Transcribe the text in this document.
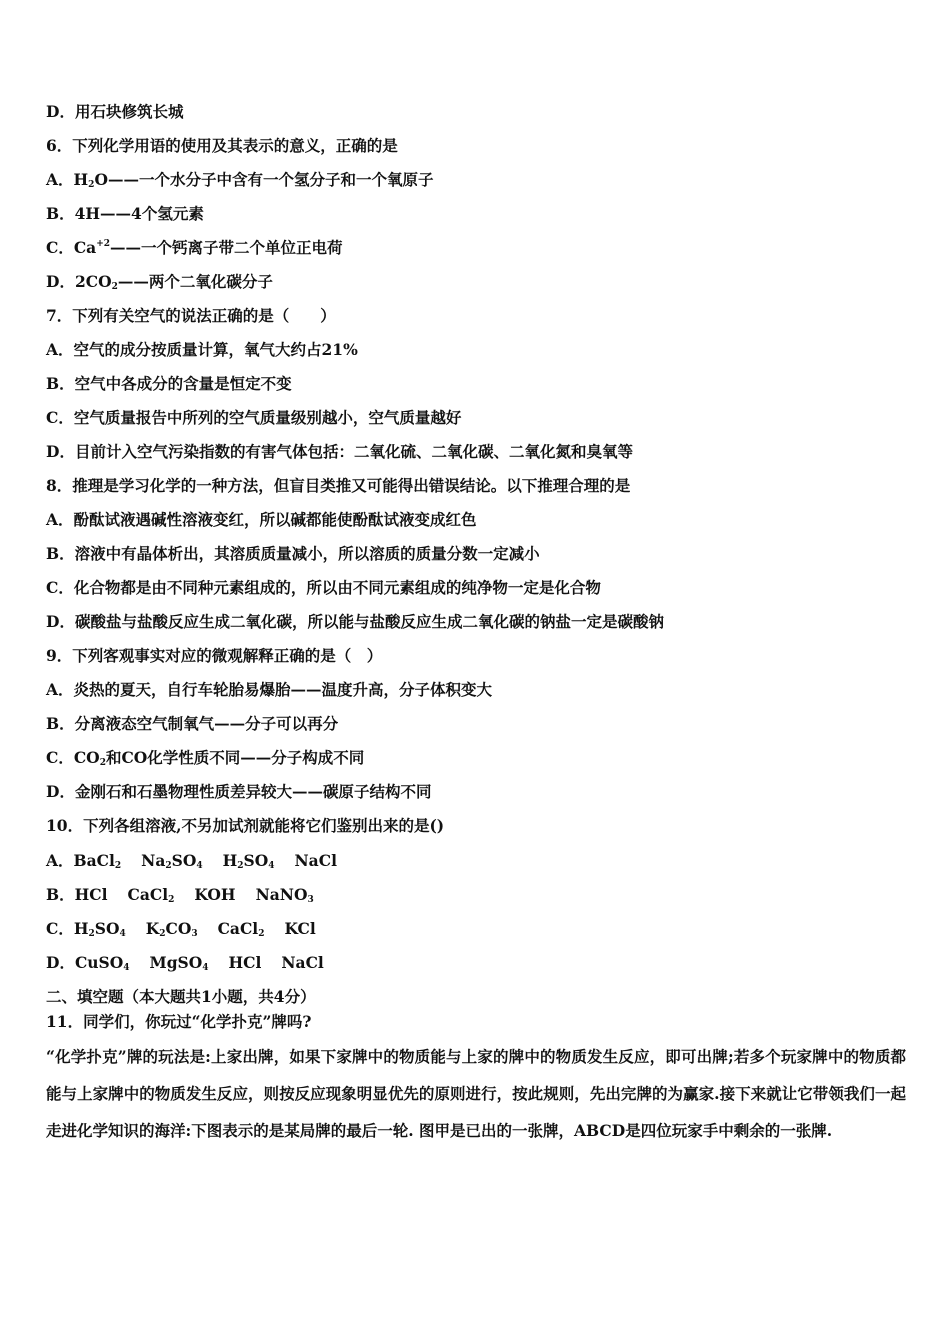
D．用石块修筑长城
6．下列化学用语的使用及其表示的意义，正确的是
A．$H_2O——$一个水分子中含有一个氢分子和一个氧原子
B．4H——4个氢元素
C．$Ca^{+2}——$一个钙离子带二个单位正电荷
D．$2CO_2——$两个二氧化碳分子
7．下列有关空气的说法正确的是（　　）
A．空气的成分按质量计算，氧气大约占21%
B．空气中各成分的含量是恒定不变
C．空气质量报告中所列的空气质量级别越小，空气质量越好
D．目前计入空气污染指数的有害气体包括：二氧化硫、二氧化碳、二氧化氮和臭氧等
8．推理是学习化学的一种方法，但盲目类推又可能得出错误结论。以下推理合理的是
A．酚酞试液遇碱性溶液变红，所以碱都能使酚酞试液变成红色
B．溶液中有晶体析出，其溶质质量减小，所以溶质的质量分数一定减小
C．化合物都是由不同种元素组成的，所以由不同元素组成的纯净物一定是化合物
D．碳酸盐与盐酸反应生成二氧化碳，所以能与盐酸反应生成二氧化碳的钠盐一定是碳酸钠
9．下列客观事实对应的微观解释正确的是（　）
A．炎热的夏天，自行车轮胎易爆胎——温度升高，分子体积变大
B．分离液态空气制氧气——分子可以再分
C．$CO_2$和CO化学性质不同——分子构成不同
D．金刚石和石墨物理性质差异较大——碳原子结构不同
10．下列各组溶液,不另加试剂就能将它们鉴别出来的是()
A．BaCl$_2$ $Na_2SO_4$ $H_2SO_4$ NaCl
B．HCl CaCl$_2$ KOH NaNO$_3$
C．$H_2SO_4$ $K_2CO_3$ CaCl$_2$ KCl
D．CuSO$_4$ MgSO$_4$ HCl NaCl
二、填空题（本大题共1小题，共4分）
11．同学们，你玩过“化学扑克”牌吗?
“化学扑克”牌的玩法是:上家出牌，如果下家牌中的物质能与上家的牌中的物质发生反应，即可出牌;若多个玩家牌中的物质都能与上家牌中的物质发生反应，则按反应现象明显优先的原则进行，按此规则，先出完牌的为赢家.接下来就让它带领我们一起走进化学知识的海洋:下图表示的是某局牌的最后一轮. 图甲是已出的一张牌，ABCD是四位玩家手中剩余的一张牌.
